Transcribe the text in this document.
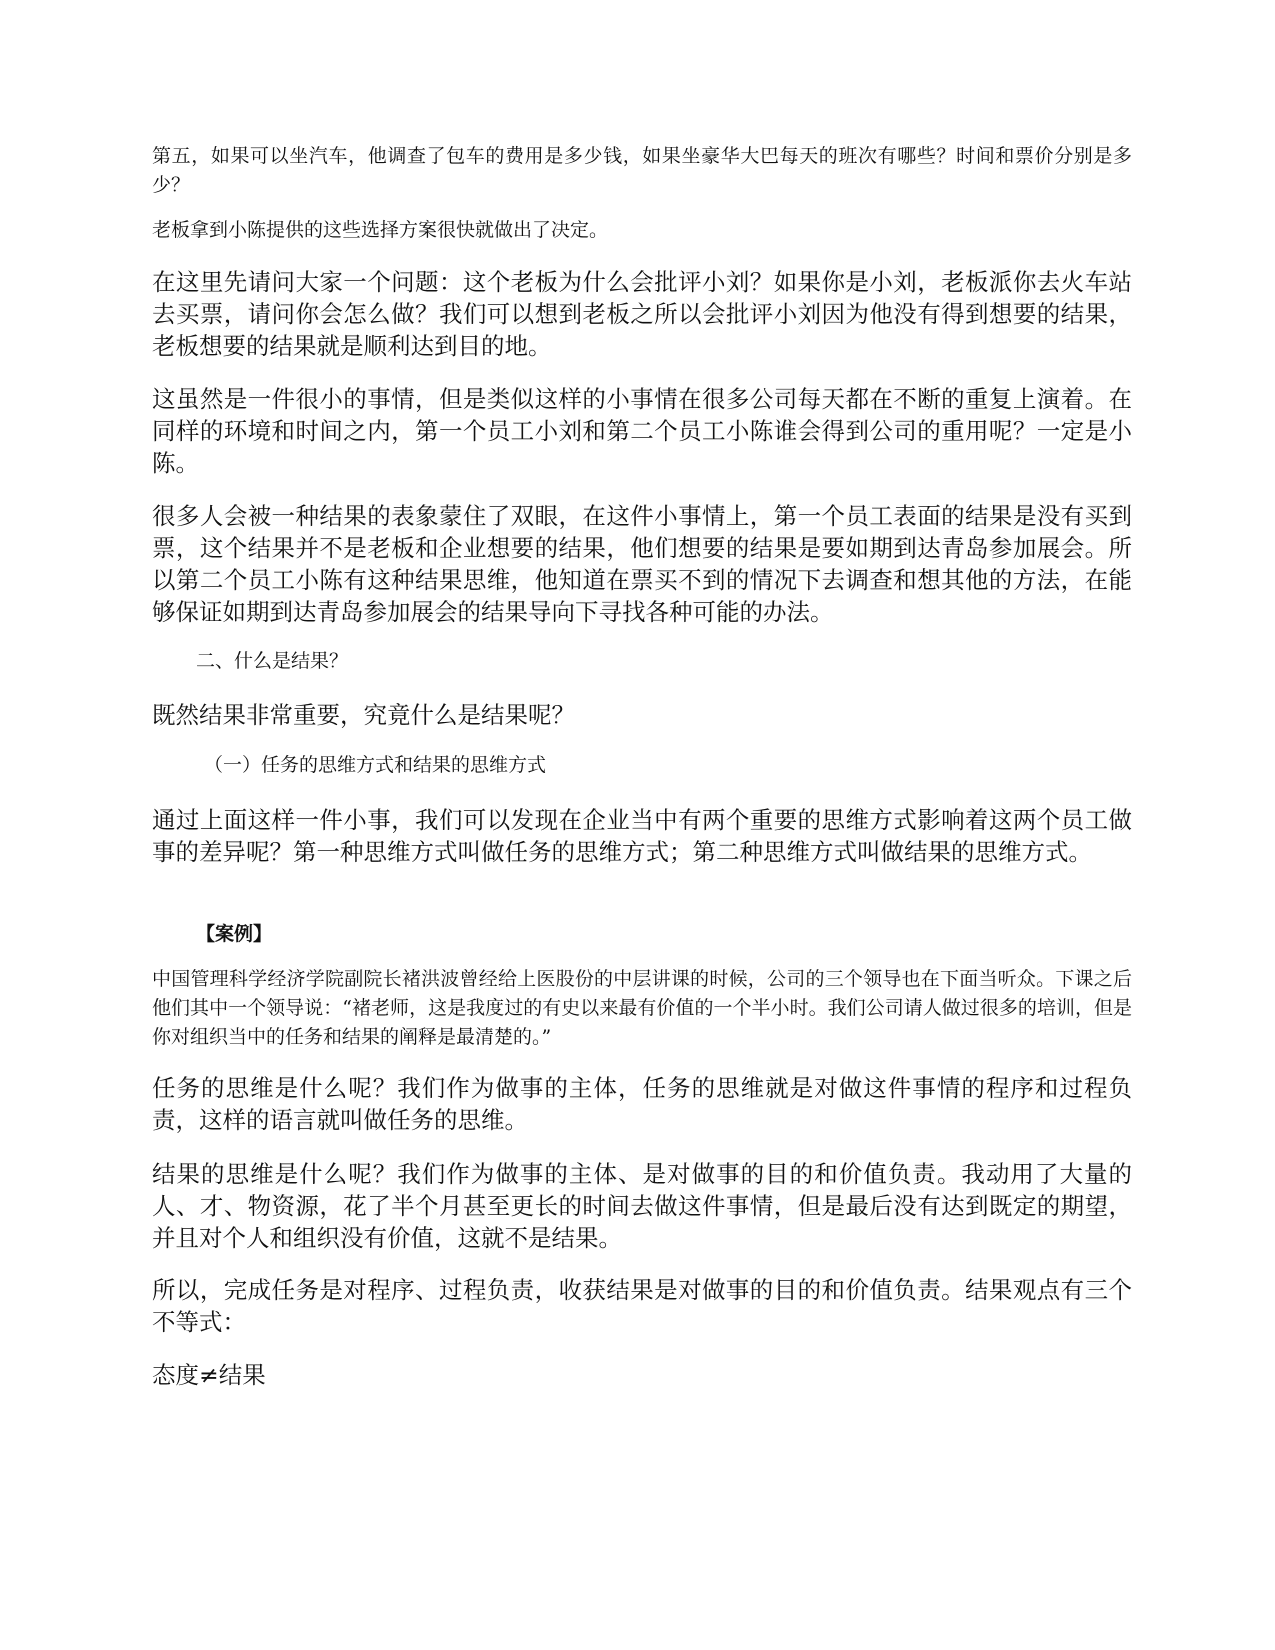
第五，如果可以坐汽车，他调查了包车的费用是多少钱，如果坐豪华大巴每天的班次有哪些？时间和票价分别是多少？

老板拿到小陈提供的这些选择方案很快就做出了决定。

在这里先请问大家一个问题：这个老板为什么会批评小刘？如果你是小刘，老板派你去火车站去买票，请问你会怎么做？我们可以想到老板之所以会批评小刘因为他没有得到想要的结果，老板想要的结果就是顺利达到目的地。

这虽然是一件很小的事情，但是类似这样的小事情在很多公司每天都在不断的重复上演着。在同样的环境和时间之内，第一个员工小刘和第二个员工小陈谁会得到公司的重用呢？一定是小陈。

很多人会被一种结果的表象蒙住了双眼，在这件小事情上，第一个员工表面的结果是没有买到票，这个结果并不是老板和企业想要的结果，他们想要的结果是要如期到达青岛参加展会。所以第二个员工小陈有这种结果思维，他知道在票买不到的情况下去调查和想其他的方法，在能够保证如期到达青岛参加展会的结果导向下寻找各种可能的办法。

二、什么是结果？

既然结果非常重要，究竟什么是结果呢？

（一）任务的思维方式和结果的思维方式

通过上面这样一件小事，我们可以发现在企业当中有两个重要的思维方式影响着这两个员工做事的差异呢？第一种思维方式叫做任务的思维方式；第二种思维方式叫做结果的思维方式。

【案例】

中国管理科学经济学院副院长褚洪波曾经给上医股份的中层讲课的时候，公司的三个领导也在下面当听众。下课之后他们其中一个领导说：“褚老师，这是我度过的有史以来最有价值的一个半小时。我们公司请人做过很多的培训，但是你对组织当中的任务和结果的阐释是最清楚的。”

任务的思维是什么呢？我们作为做事的主体，任务的思维就是对做这件事情的程序和过程负责，这样的语言就叫做任务的思维。

结果的思维是什么呢？我们作为做事的主体、是对做事的目的和价值负责。我动用了大量的人、才、物资源，花了半个月甚至更长的时间去做这件事情，但是最后没有达到既定的期望，并且对个人和组织没有价值，这就不是结果。

所以，完成任务是对程序、过程负责，收获结果是对做事的目的和价值负责。结果观点有三个不等式：

态度≠结果
